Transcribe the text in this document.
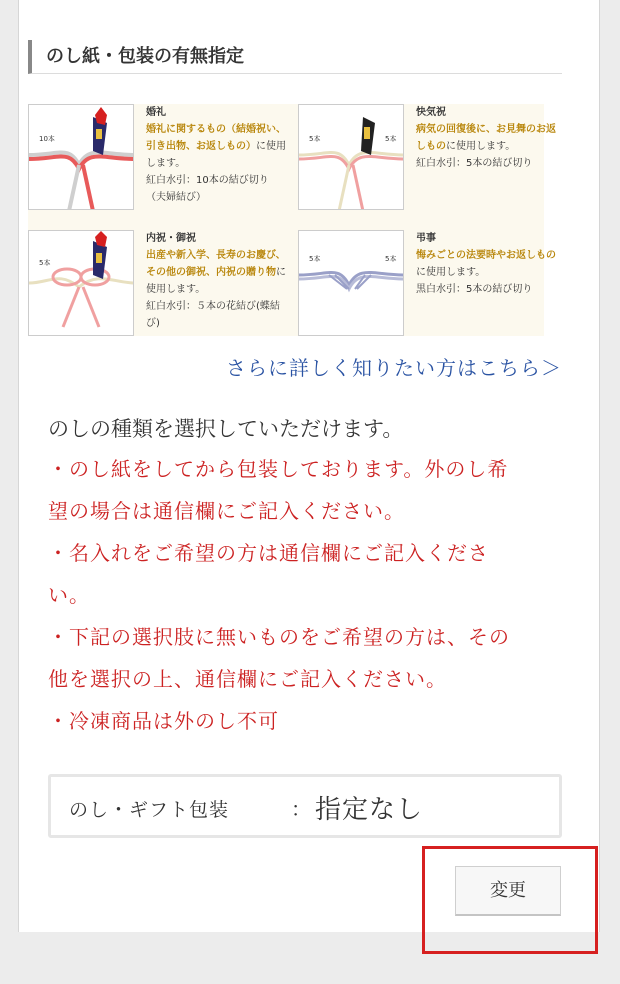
のし紙・包装の有無指定
10本
婚礼
婚礼に関するもの（結婚祝い、引き出物、お返しもの）に使用します。
紅白水引：10本の結び切り（夫婦結び）
5本	5本
快気祝
病気の回復後に、お見舞のお返しものに使用します。
紅白水引：5本の結び切り
5本
内祝・御祝
出産や新入学、長寿のお慶び、その他の御祝、内祝の贈り物に使用します。
紅白水引：５本の花結び(蝶結び)
5本	5本
弔事
悔みごとの法要時やお返しものに使用します。
黒白水引：5本の結び切り
さらに詳しく知りたい方はこちら＞
のしの種類を選択していただけます。
・のし紙をしてから包装しております。外のし希
望の場合は通信欄にご記入ください。
・名入れをご希望の方は通信欄にご記入くださ
い。
・下記の選択肢に無いものをご希望の方は、その
他を選択の上、通信欄にご記入ください。
・冷凍商品は外のし不可
のし・ギフト包装	： 指定なし
変更
